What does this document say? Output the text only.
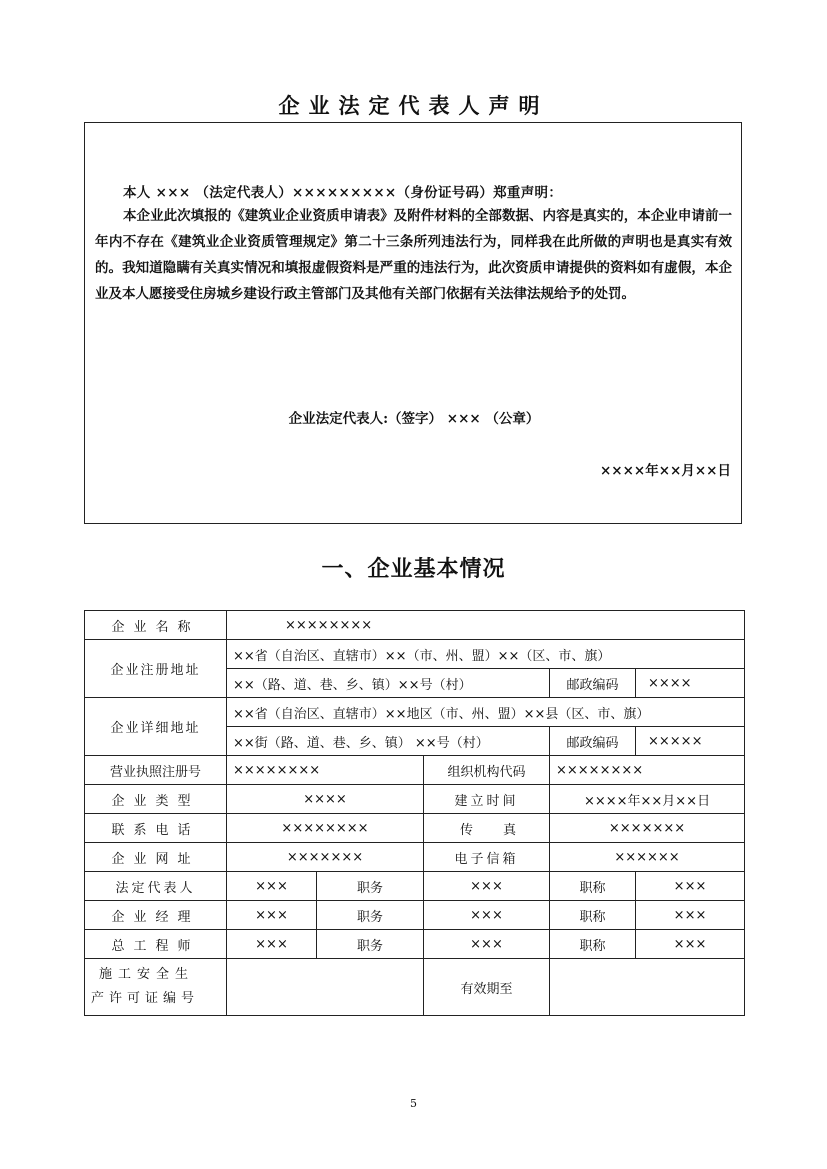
企业法定代表人声明
本人 ××× （法定代表人）×××××××××（身份证号码）郑重声明：
本企业此次填报的《建筑业企业资质申请表》及附件材料的全部数据、内容是真实的，本企业申请前一年内不存在《建筑业企业资质管理规定》第二十三条所列违法行为，同样我在此所做的声明也是真实有效的。我知道隐瞒有关真实情况和填报虚假资料是严重的违法行为，此次资质申请提供的资料如有虚假，本企业及本人愿接受住房城乡建设行政主管部门及其他有关部门依据有关法律法规给予的处罚。
企业法定代表人:（签字） ××× （公章）
××××年××月××日
一、企业基本情况
企业名称	××××××××				
企业注册地址	××省（自治区、直辖市）××（市、州、盟）××（区、市、旗）				
	××（路、道、巷、乡、镇）××号（村）			邮政编码	××××
企业详细地址	××省（自治区、直辖市）××地区（市、州、盟）××县（区、市、旗）				
	××街（路、道、巷、乡、镇） ××号（村）			邮政编码	×××××
营业执照注册号	××××××××		组织机构代码	××××××××	
企业类型	××××		建立时间	××××年××月××日	
联系电话	××××××××		传真	×××××××	
企业网址	×××××××		电子信箱	××××××	
法定代表人	×××	职务	×××	职称	×××
企业经理	×××	职务	×××	职称	×××
总工程师	×××	职务	×××	职称	×××

施工安全生
产许可证编号			有效期至		
5
